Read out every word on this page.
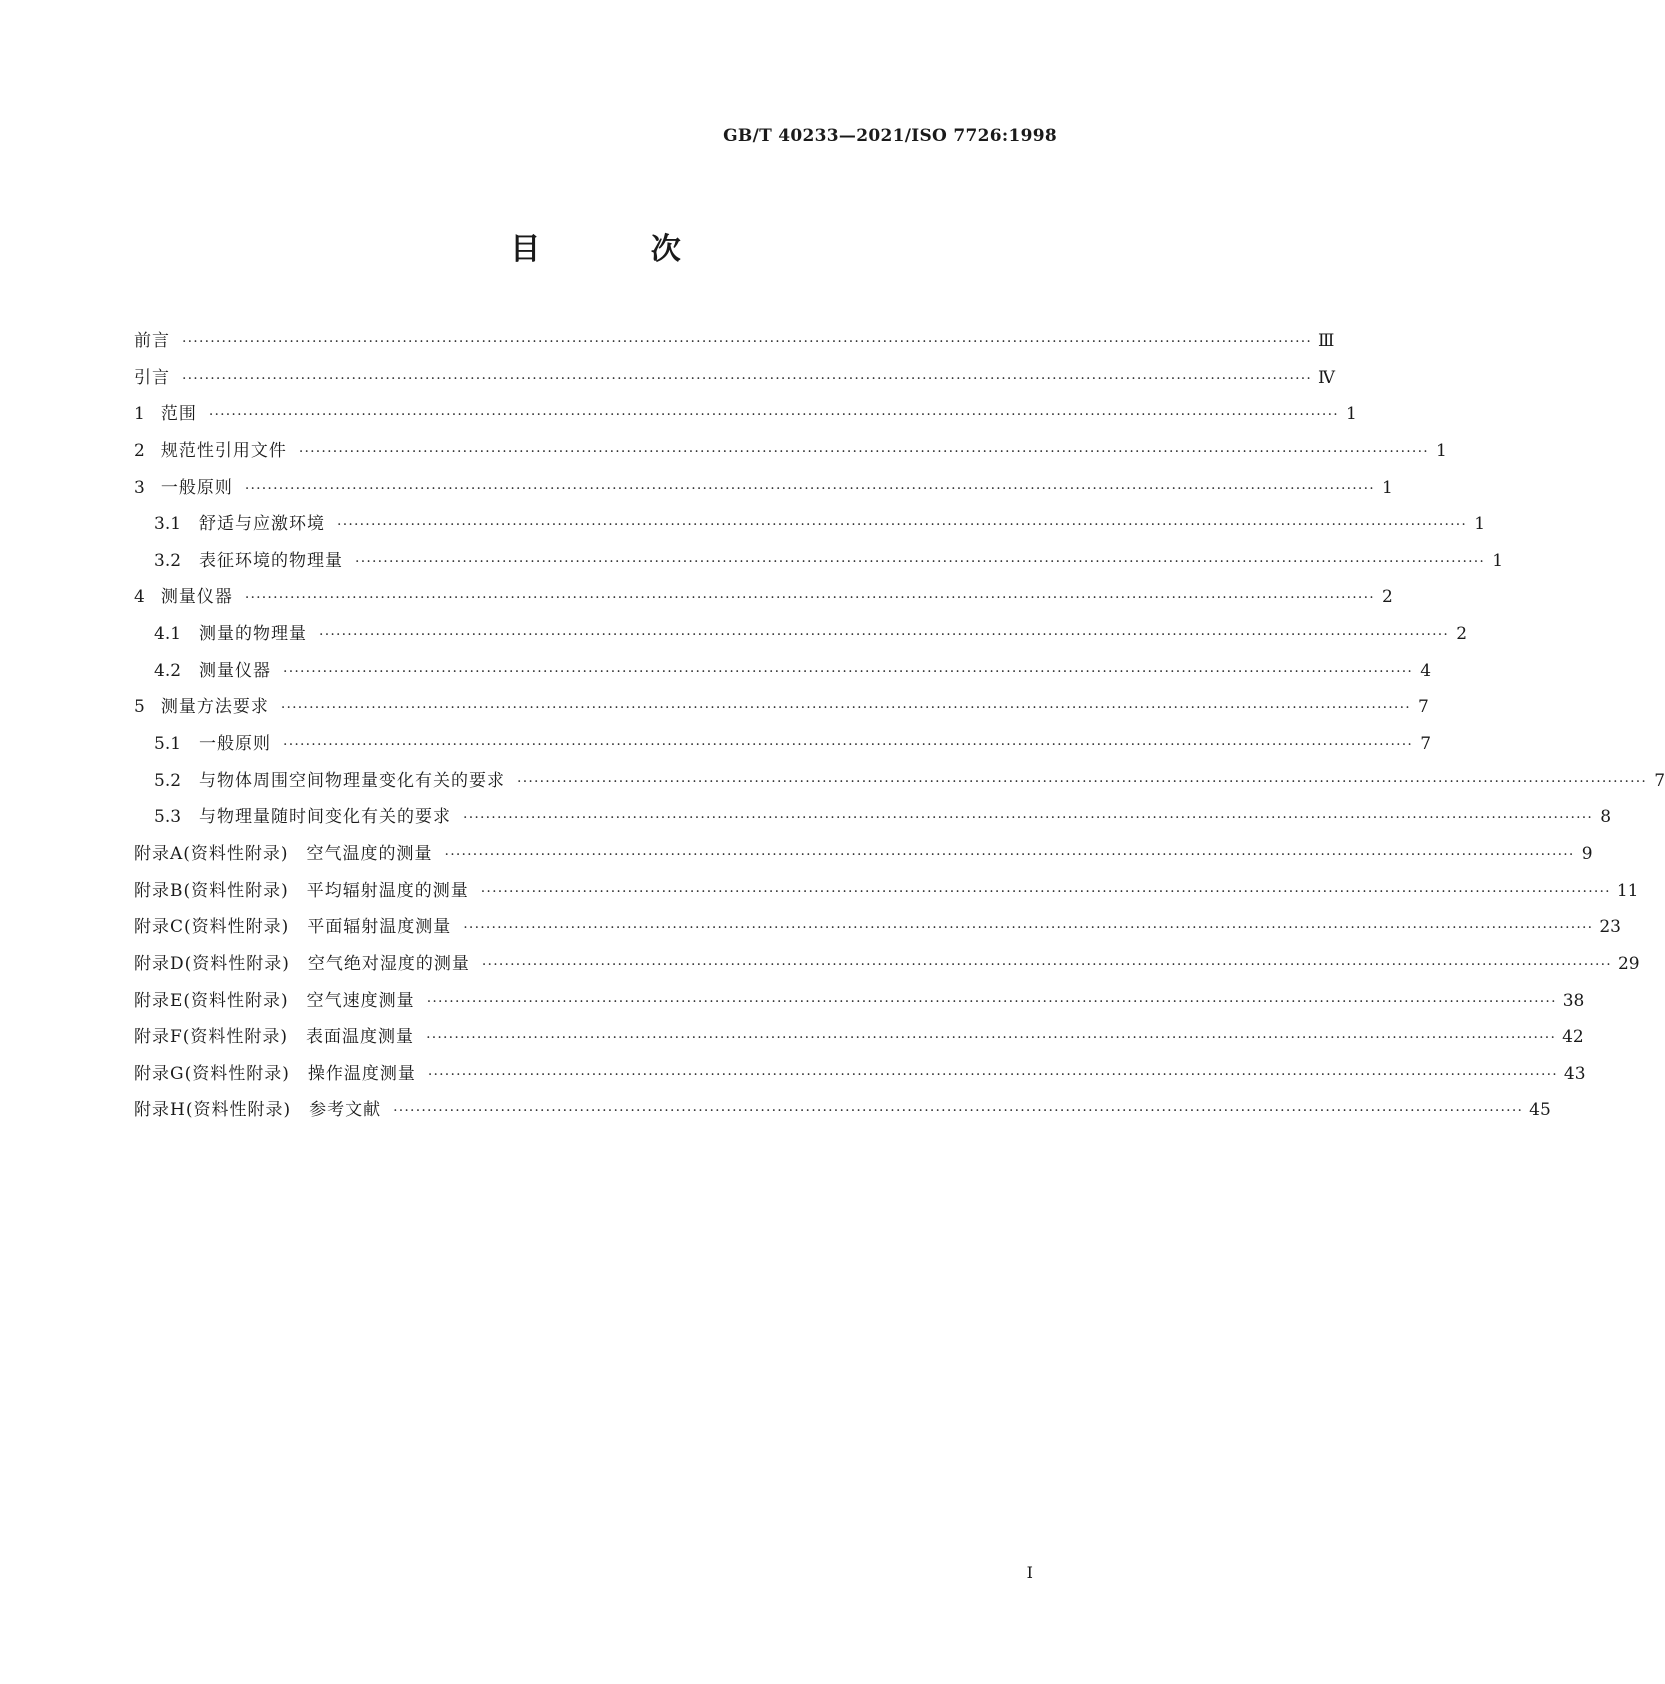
GB/T 40233—2021/ISO 7726:1998
目 次
前言 ········································································································································································································ Ⅲ
引言 ········································································································································································································ Ⅳ
1 范围 ········································································································································································································ 1
2 规范性引用文件 ········································································································································································································ 1
3 一般原则 ········································································································································································································ 1
3.1 舒适与应激环境 ········································································································································································································ 1
3.2 表征环境的物理量 ········································································································································································································ 1
4 测量仪器 ········································································································································································································ 2
4.1 测量的物理量 ········································································································································································································ 2
4.2 测量仪器 ········································································································································································································ 4
5 测量方法要求 ········································································································································································································ 7
5.1 一般原则 ········································································································································································································ 7
5.2 与物体周围空间物理量变化有关的要求 ········································································································································································································ 7
5.3 与物理量随时间变化有关的要求 ········································································································································································································ 8
附录A(资料性附录)　空气温度的测量 ········································································································································································································ 9
附录B(资料性附录)　平均辐射温度的测量 ········································································································································································································ 11
附录C(资料性附录)　平面辐射温度测量 ········································································································································································································ 23
附录D(资料性附录)　空气绝对湿度的测量 ········································································································································································································ 29
附录E(资料性附录)　空气速度测量 ········································································································································································································ 38
附录F(资料性附录)　表面温度测量 ········································································································································································································ 42
附录G(资料性附录)　操作温度测量 ········································································································································································································ 43
附录H(资料性附录)　参考文献 ········································································································································································································ 45
I
